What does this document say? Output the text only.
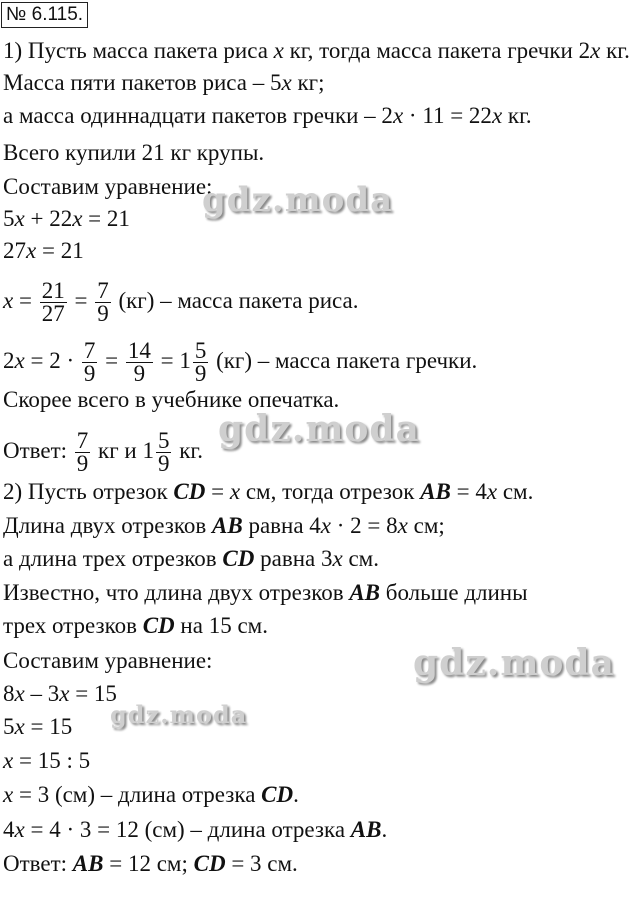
№ 6.115.
1) Пусть масса пакета риса x кг, тогда масса пакета гречки 2x кг.
Масса пяти пакетов риса – 5x кг;
а масса одиннадцати пакетов гречки – 2x · 11 = 22x кг.
Всего купили 21 кг крупы.
Составим уравнение:
5x + 22x = 21
27x = 21
$x = \frac{21}{27} = \frac{7}{9} (кг)$ – масса пакета риса.
$2x = 2 \cdot \frac{7}{9} = \frac{14}{9} = 1 \frac{5}{9} (кг)$ – масса пакета гречки.
Скорее всего в учебнике опечатка.
Ответ: $\frac{7}{9}$ кг и $1 \frac{5}{9}$ кг.
2) Пусть отрезок CD = x см, тогда отрезок AB = 4x см.
Длина двух отрезков AB равна 4x · 2 = 8x см;
а длина трех отрезков CD равна 3x см.
Известно, что длина двух отрезков AB больше длины
трех отрезков CD на 15 см.
Составим уравнение:
8x – 3x = 15
5x = 15
x = 15 : 5
x = 3 (см) – длина отрезка CD.
4x = 4 · 3 = 12 (см) – длина отрезка AB.
Ответ: AB = 12 см; CD = 3 см.
gdz.moda
gdz.moda
gdz.moda
gdz.moda
